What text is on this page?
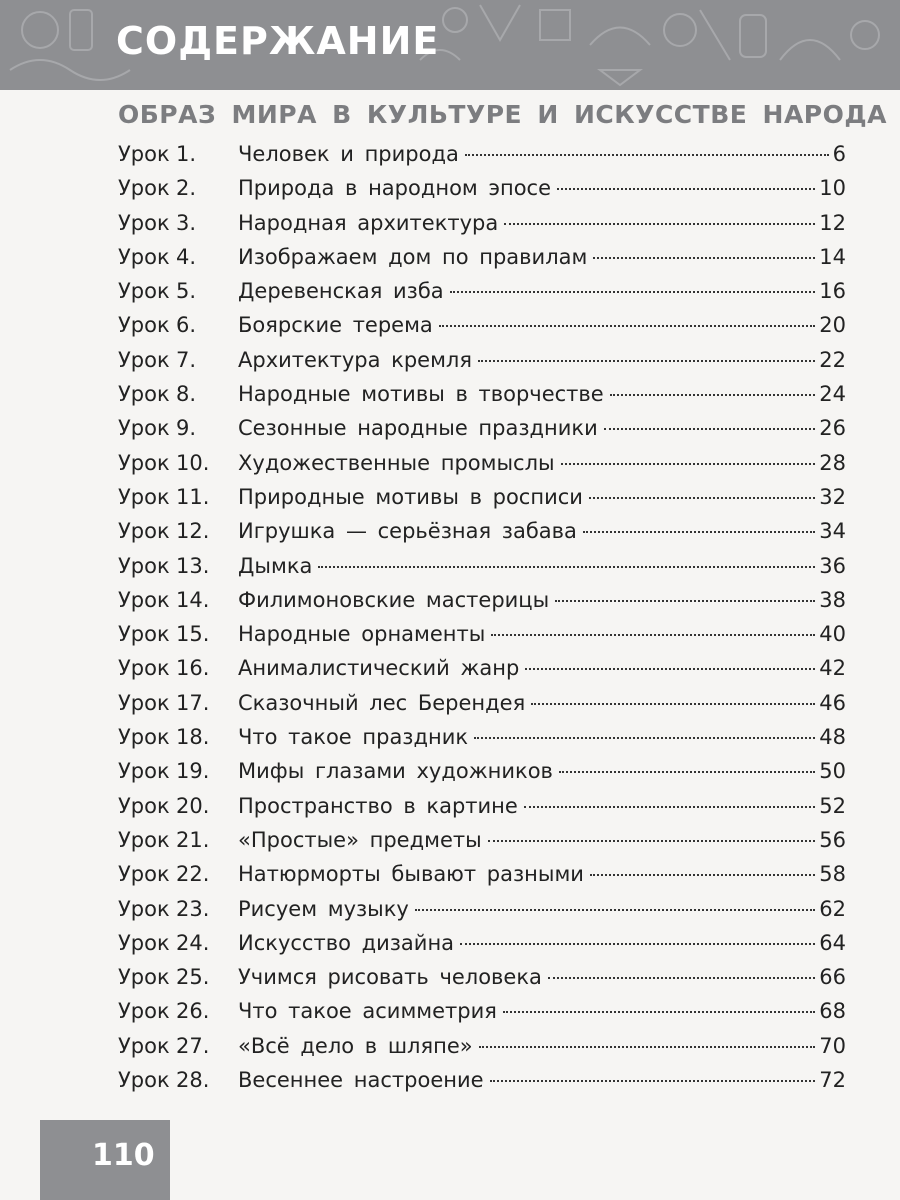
СОДЕРЖАНИЕ
ОБРАЗ МИРА В КУЛЬТУРЕ И ИСКУССТВЕ НАРОДА
Урок 1.	Человек и природа	6
Урок 2.	Природа в народном эпосе	10
Урок 3.	Народная архитектура	12
Урок 4.	Изображаем дом по правилам	14
Урок 5.	Деревенская изба	16
Урок 6.	Боярские терема	20
Урок 7.	Архитектура кремля	22
Урок 8.	Народные мотивы в творчестве	24
Урок 9.	Сезонные народные праздники	26
Урок 10.	Художественные промыслы	28
Урок 11.	Природные мотивы в росписи	32
Урок 12.	Игрушка — серьёзная забава	34
Урок 13.	Дымка	36
Урок 14.	Филимоновские мастерицы	38
Урок 15.	Народные орнаменты	40
Урок 16.	Анималистический жанр	42
Урок 17.	Сказочный лес Берендея	46
Урок 18.	Что такое праздник	48
Урок 19.	Мифы глазами художников	50
Урок 20.	Пространство в картине	52
Урок 21.	«Простые» предметы	56
Урок 22.	Натюрморты бывают разными	58
Урок 23.	Рисуем музыку	62
Урок 24.	Искусство дизайна	64
Урок 25.	Учимся рисовать человека	66
Урок 26.	Что такое асимметрия	68
Урок 27.	«Всё дело в шляпе»	70
Урок 28.	Весеннее настроение	72
110
